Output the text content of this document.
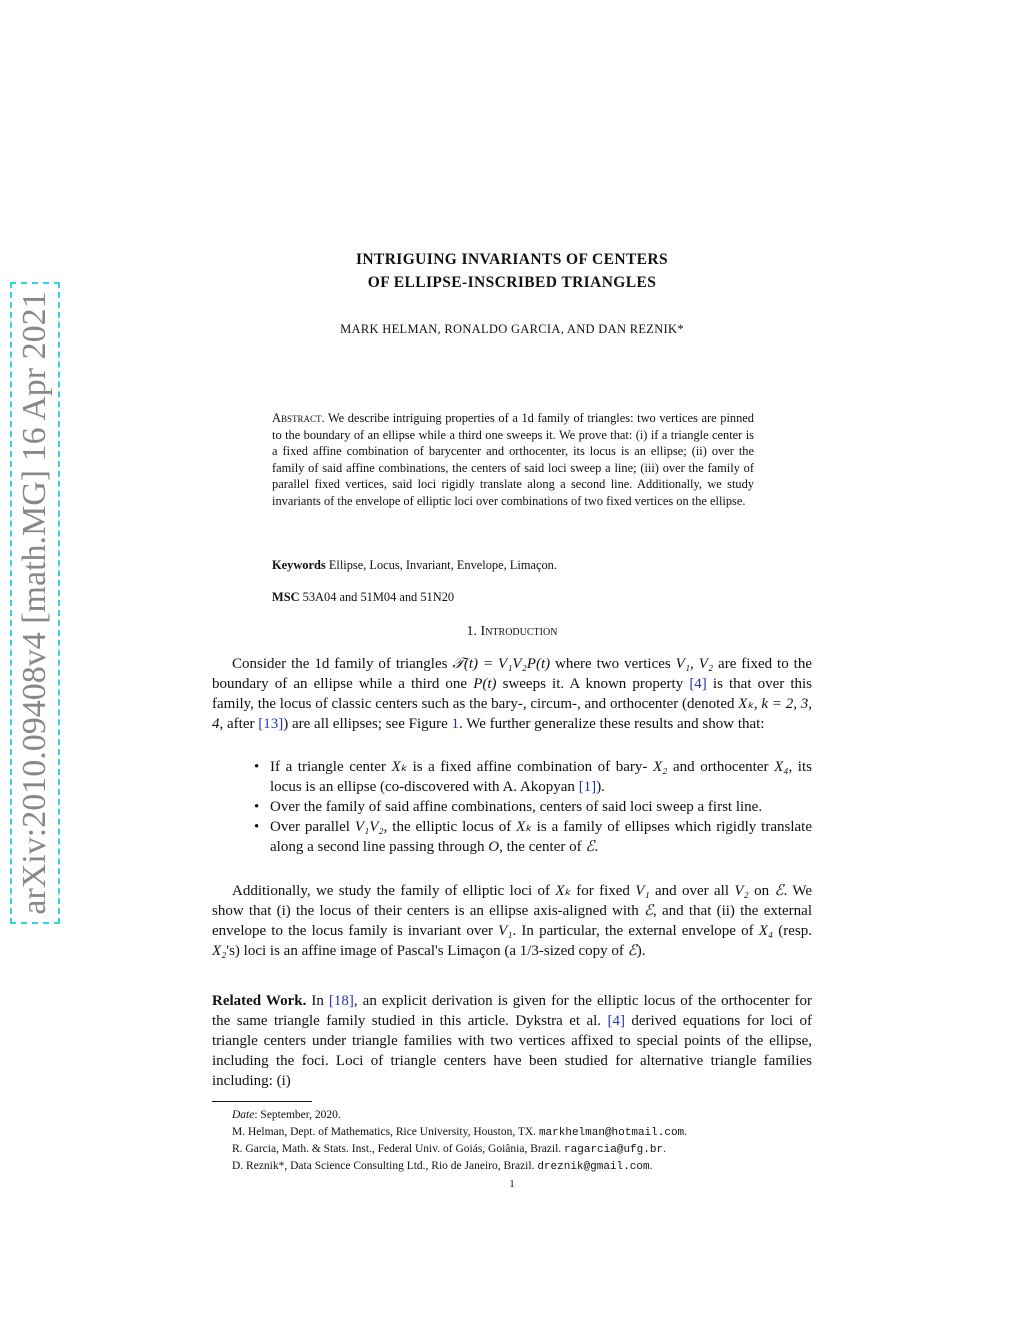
arXiv:2010.09408v4 [math.MG] 16 Apr 2021
INTRIGUING INVARIANTS OF CENTERS
OF ELLIPSE-INSCRIBED TRIANGLES
MARK HELMAN, RONALDO GARCIA, AND DAN REZNIK*
Abstract. We describe intriguing properties of a 1d family of triangles: two vertices are pinned to the boundary of an ellipse while a third one sweeps it. We prove that: (i) if a triangle center is a fixed affine combination of barycenter and orthocenter, its locus is an ellipse; (ii) over the family of said affine combinations, the centers of said loci sweep a line; (iii) over the family of parallel fixed vertices, said loci rigidly translate along a second line. Additionally, we study invariants of the envelope of elliptic loci over combinations of two fixed vertices on the ellipse.
Keywords Ellipse, Locus, Invariant, Envelope, Limaçon.
MSC 53A04 and 51M04 and 51N20
1. Introduction

Consider the 1d family of triangles 𝒯(t) = V₁V₂P(t) where two vertices V₁, V₂ are fixed to the boundary of an ellipse while a third one P(t) sweeps it. A known property [4] is that over this family, the locus of classic centers such as the bary-, circum-, and orthocenter (denoted Xₖ, k = 2, 3, 4, after [13]) are all ellipses; see Figure 1. We further generalize these results and show that:

• If a triangle center Xₖ is a fixed affine combination of bary- X₂ and orthocenter X₄, its locus is an ellipse (co-discovered with A. Akopyan [1]).
• Over the family of said affine combinations, centers of said loci sweep a first line.
• Over parallel V₁V₂, the elliptic locus of Xₖ is a family of ellipses which rigidly translate along a second line passing through O, the center of ℰ.

Additionally, we study the family of elliptic loci of Xₖ for fixed V₁ and over all V₂ on ℰ. We show that (i) the locus of their centers is an ellipse axis-aligned with ℰ, and that (ii) the external envelope to the locus family is invariant over V₁. In particular, the external envelope of X₄ (resp. X₂'s) loci is an affine image of Pascal's Limaçon (a 1/3-sized copy of ℰ).

Related Work. In [18], an explicit derivation is given for the elliptic locus of the orthocenter for the same triangle family studied in this article. Dykstra et al. [4] derived equations for loci of triangle centers under triangle families with two vertices affixed to special points of the ellipse, including the foci. Loci of triangle centers have been studied for alternative triangle families including: (i)

Date: September, 2020.
M. Helman, Dept. of Mathematics, Rice University, Houston, TX. markhelman@hotmail.com.
R. Garcia, Math. & Stats. Inst., Federal Univ. of Goiás, Goiânia, Brazil. ragarcia@ufg.br.
D. Reznik*, Data Science Consulting Ltd., Rio de Janeiro, Brazil. dreznik@gmail.com.
1
